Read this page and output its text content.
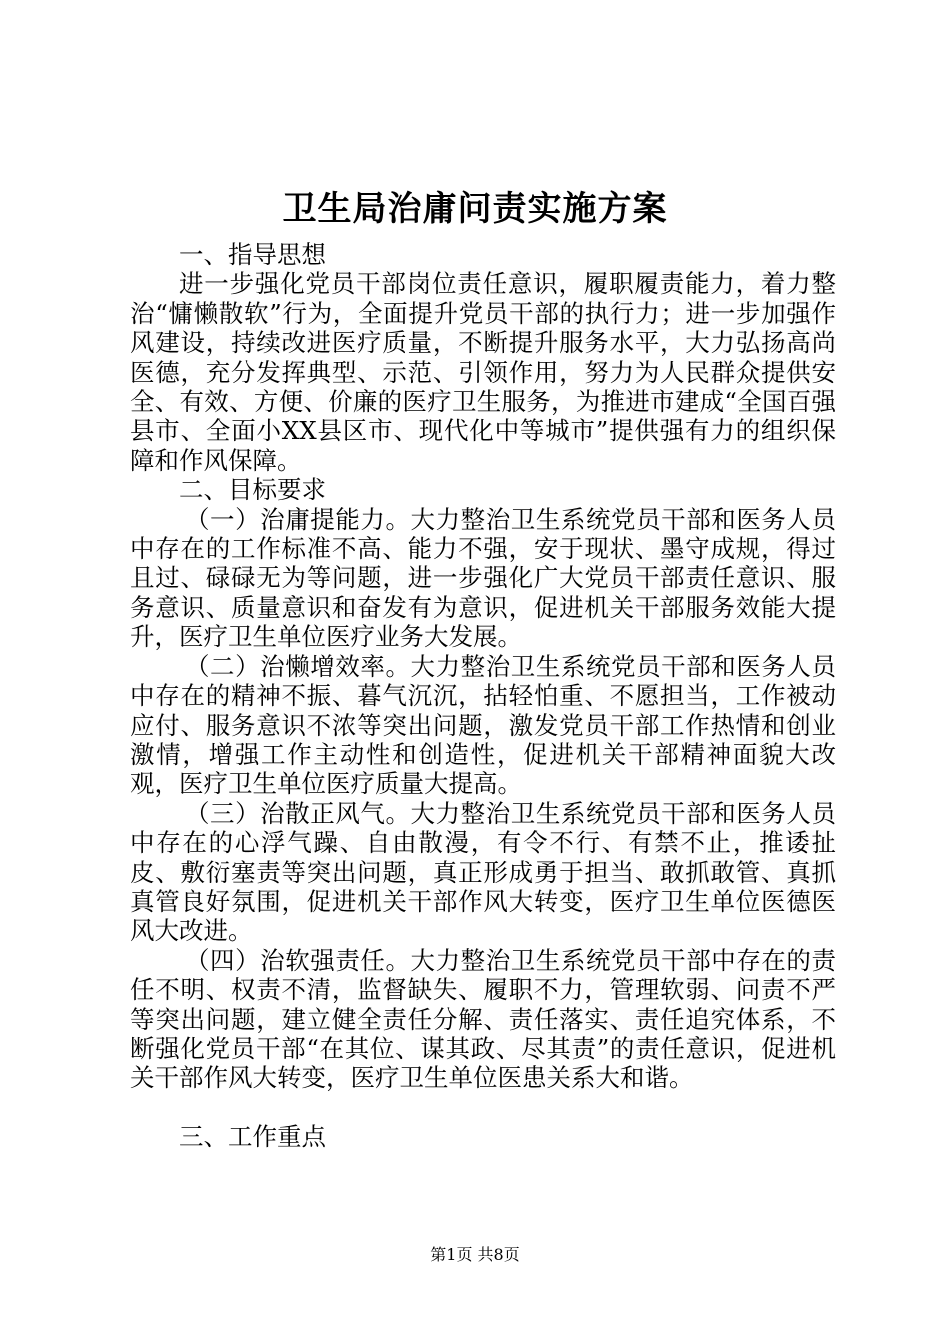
卫生局治庸问责实施方案

一、指导思想

进一步强化党员干部岗位责任意识，履职履责能力，着力整治“慵懒散软”行为，全面提升党员干部的执行力；进一步加强作风建设，持续改进医疗质量，不断提升服务水平，大力弘扬高尚医德，充分发挥典型、示范、引领作用，努力为人民群众提供安全、有效、方便、价廉的医疗卫生服务，为推进市建成“全国百强县市、全面小XX县区市、现代化中等城市”提供强有力的组织保障和作风保障。

二、目标要求

（一）治庸提能力。大力整治卫生系统党员干部和医务人员中存在的工作标准不高、能力不强，安于现状、墨守成规，得过且过、碌碌无为等问题，进一步强化广大党员干部责任意识、服务意识、质量意识和奋发有为意识，促进机关干部服务效能大提升，医疗卫生单位医疗业务大发展。

（二）治懒增效率。大力整治卫生系统党员干部和医务人员中存在的精神不振、暮气沉沉，拈轻怕重、不愿担当，工作被动应付、服务意识不浓等突出问题，激发党员干部工作热情和创业激情，增强工作主动性和创造性，促进机关干部精神面貌大改观，医疗卫生单位医疗质量大提高。

（三）治散正风气。大力整治卫生系统党员干部和医务人员中存在的心浮气躁、自由散漫，有令不行、有禁不止，推诿扯皮、敷衍塞责等突出问题，真正形成勇于担当、敢抓敢管、真抓真管良好氛围，促进机关干部作风大转变，医疗卫生单位医德医风大改进。

（四）治软强责任。大力整治卫生系统党员干部中存在的责任不明、权责不清，监督缺失、履职不力，管理软弱、问责不严等突出问题，建立健全责任分解、责任落实、责任追究体系，不断强化党员干部“在其位、谋其政、尽其责”的责任意识，促进机关干部作风大转变，医疗卫生单位医患关系大和谐。

三、工作重点

第1页 共8页
